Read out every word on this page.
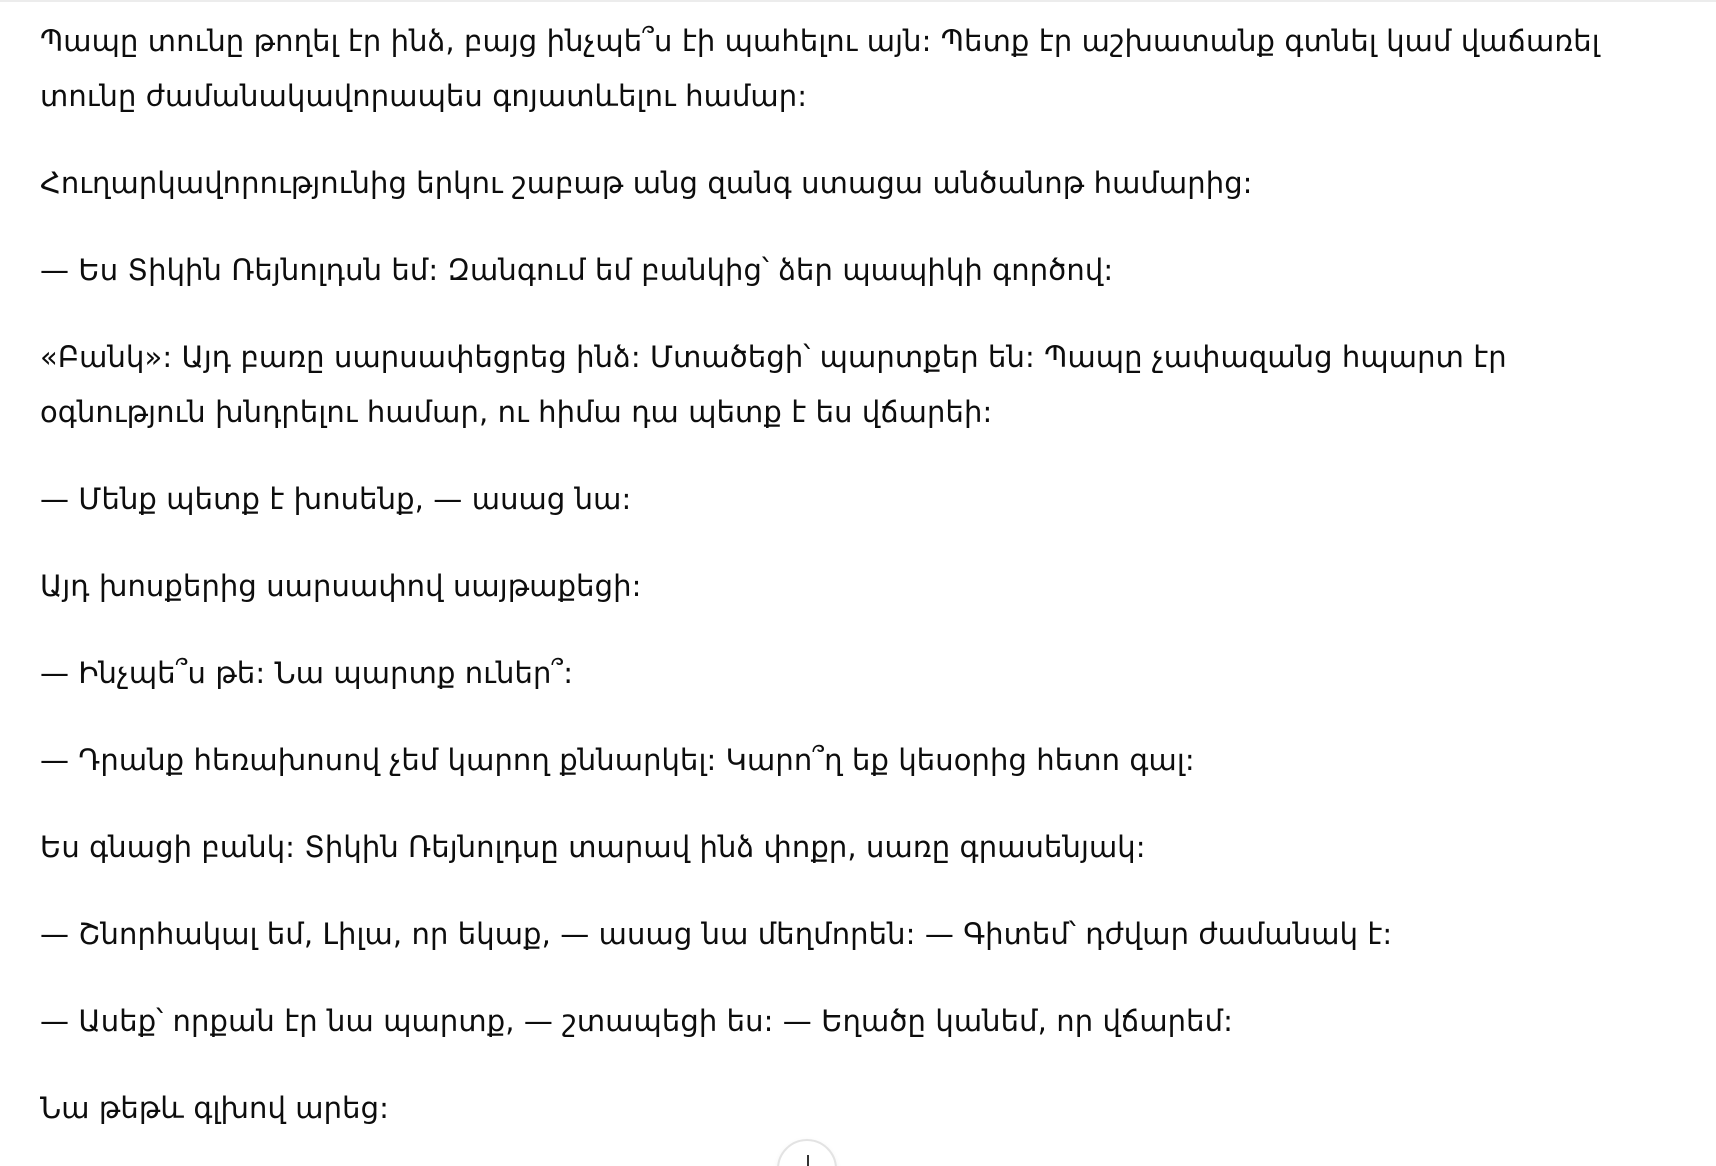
Պապը տունը թողել էր ինձ, բայց ինչպե՞ս էի պահելու այն: Պետք էր աշխատանք գտնել կամ վաճառել տունը ժամանակավորապես գոյատևելու համար:

Հուղարկավորությունից երկու շաբաթ անց զանգ ստացա անծանոթ համարից:

— Ես Տիկին Ռեյնոլդսն եմ: Զանգում եմ բանկից՝ ձեր պապիկի գործով:

«Բանկ»: Այդ բառը սարսափեցրեց ինձ: Մտածեցի՝ պարտքեր են: Պապը չափազանց հպարտ էր օգնություն խնդրելու համար, ու հիմա դա պետք է ես վճարեի:

— Մենք պետք է խոսենք, — ասաց նա:

Այդ խոսքերից սարսափով սայթաքեցի:

— Ինչպե՞ս թե: Նա պարտք ուներ՞:

— Դրանք հեռախոսով չեմ կարող քննարկել: Կարո՞ղ եք կեսօրից հետո գալ:

Ես գնացի բանկ: Տիկին Ռեյնոլդսը տարավ ինձ փոքր, սառը գրասենյակ:

— Շնորհակալ եմ, Լիլա, որ եկաք, — ասաց նա մեղմորեն: — Գիտեմ՝ դժվար ժամանակ է:

— Ասեք՝ որքան էր նա պարտք, — շտապեցի ես: — Եղածը կանեմ, որ վճարեմ:

Նա թեթև գլխով արեց:
